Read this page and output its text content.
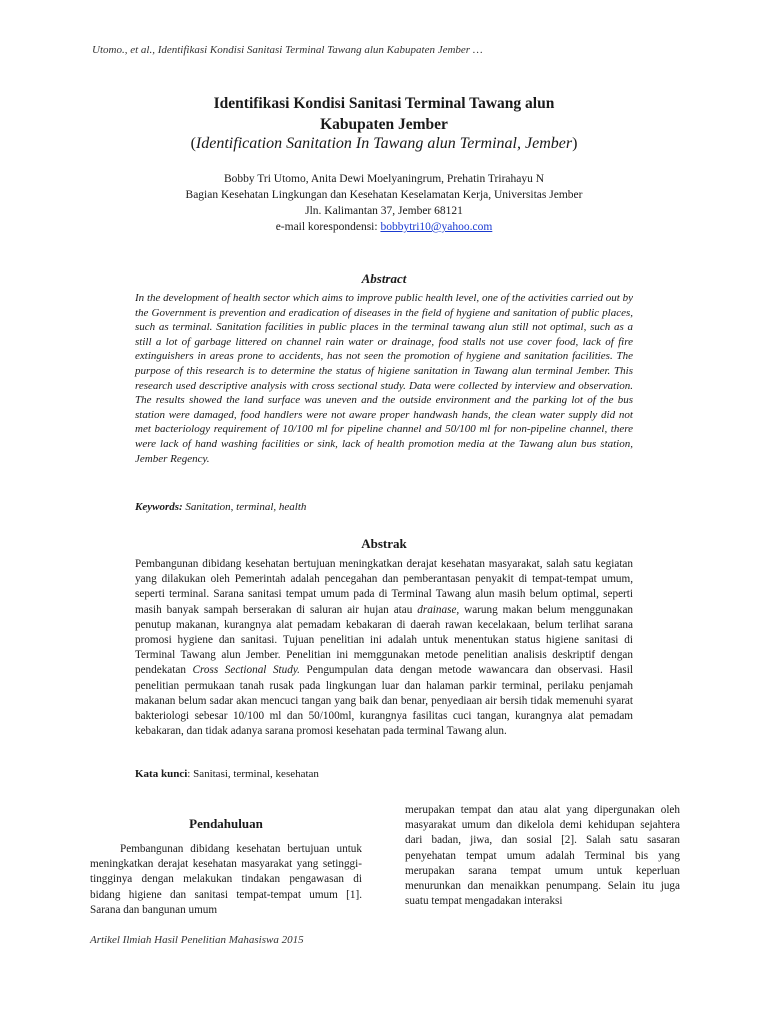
Utomo., et al., Identifikasi Kondisi Sanitasi Terminal Tawang alun Kabupaten Jember …
Identifikasi Kondisi Sanitasi Terminal Tawang alun
Kabupaten Jember
(Identification Sanitation In Tawang alun Terminal, Jember)
Bobby Tri Utomo, Anita Dewi Moelyaningrum, Prehatin Trirahayu N
Bagian Kesehatan Lingkungan dan Kesehatan Keselamatan Kerja, Universitas Jember
Jln. Kalimantan 37, Jember 68121
e-mail korespondensi: bobbytri10@yahoo.com
Abstract
In the development of health sector which aims to improve public health level, one of the activities carried out by the Government is prevention and eradication of diseases in the field of hygiene and sanitation of public places, such as terminal. Sanitation facilities in public places in the terminal tawang alun still not optimal, such as a still a lot of garbage littered on channel rain water or drainage, food stalls not use cover food, lack of fire extinguishers in areas prone to accidents, has not seen the promotion of hygiene and sanitation facilities. The purpose of this research is to determine the status of higiene sanitation in Tawang alun terminal Jember. This research used descriptive analysis with cross sectional study. Data were collected by interview and observation. The results showed the land surface was uneven and the outside environment and the parking lot of the bus station were damaged, food handlers were not aware proper handwash hands, the clean water supply did not met bacteriology requirement of 10/100 ml for pipeline channel and 50/100 ml for non-pipeline channel, there were lack of hand washing facilities or sink, lack of health promotion media at the Tawang alun bus station, Jember Regency.
Keywords: Sanitation, terminal, health
Abstrak
Pembangunan dibidang kesehatan bertujuan meningkatkan derajat kesehatan masyarakat, salah satu kegiatan yang dilakukan oleh Pemerintah adalah pencegahan dan pemberantasan penyakit di tempat-tempat umum, seperti terminal. Sarana sanitasi tempat umum pada di Terminal Tawang alun masih belum optimal, seperti masih banyak sampah berserakan di saluran air hujan atau drainase, warung makan belum menggunakan penutup makanan, kurangnya alat pemadam kebakaran di daerah rawan kecelakaan, belum terlihat sarana promosi hygiene dan sanitasi. Tujuan penelitian ini adalah untuk menentukan status higiene sanitasi di Terminal Tawang alun Jember. Penelitian ini memggunakan metode penelitian analisis deskriptif dengan pendekatan Cross Sectional Study. Pengumpulan data dengan metode wawancara dan observasi. Hasil penelitian permukaan tanah rusak pada lingkungan luar dan halaman parkir terminal, perilaku penjamah makanan belum sadar akan mencuci tangan yang baik dan benar, penyediaan air bersih tidak memenuhi syarat bakteriologi sebesar 10/100 ml dan 50/100ml, kurangnya fasilitas cuci tangan, kurangnya alat pemadam kebakaran, dan tidak adanya sarana promosi kesehatan pada terminal Tawang alun.
Kata kunci: Sanitasi, terminal, kesehatan
Pendahuluan
Pembangunan dibidang kesehatan bertujuan untuk meningkatkan derajat kesehatan masyarakat yang setinggi-tingginya dengan melakukan tindakan pengawasan di bidang higiene dan sanitasi tempat-tempat umum [1]. Sarana dan bangunan umum
merupakan tempat dan atau alat yang dipergunakan oleh masyarakat umum dan dikelola demi kehidupan sejahtera dari badan, jiwa, dan sosial [2]. Salah satu sasaran penyehatan tempat umum adalah Terminal bis yang merupakan sarana tempat umum untuk keperluan menurunkan dan menaikkan penumpang. Selain itu juga suatu tempat mengadakan interaksi
Artikel Ilmiah Hasil Penelitian Mahasiswa 2015
